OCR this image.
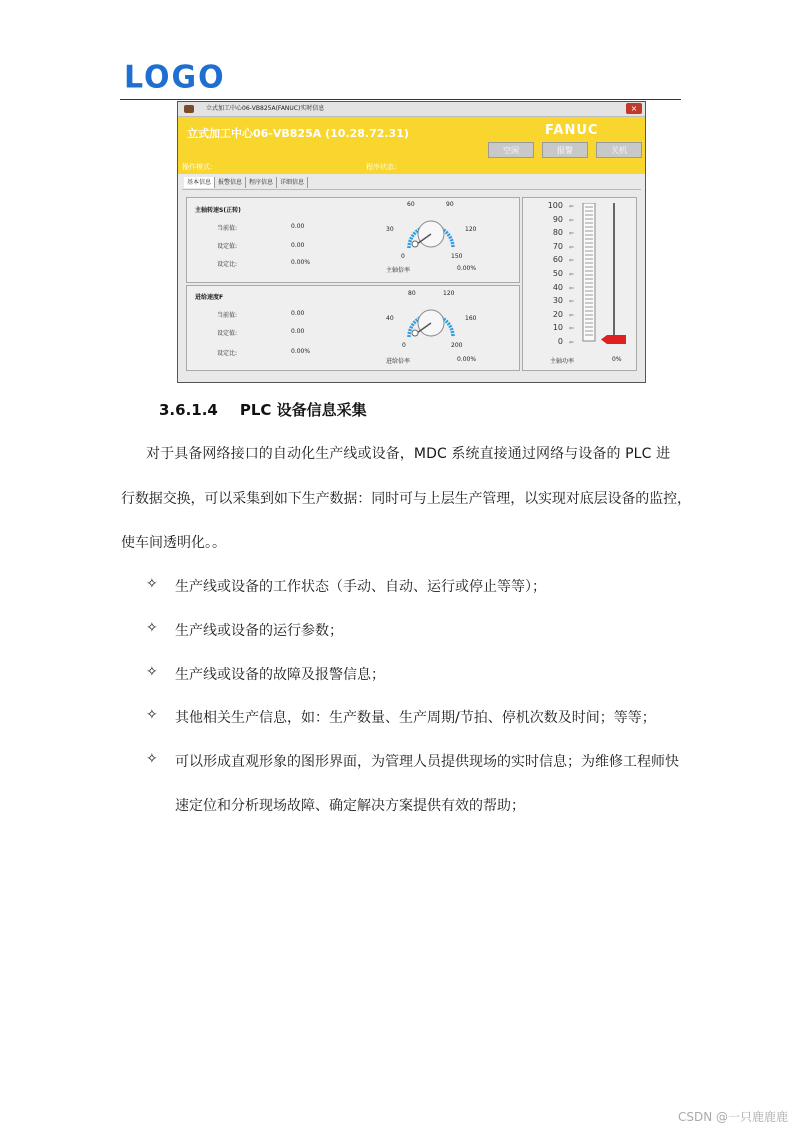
LOGO
立式加工中心06-VB825A(FANUC)实时信息	×
立式加工中心06-VB825A (10.28.72.31)	FANUC
空闲	报警	关机
操作模式：	程序状态：
基本信息 报警信息 程序信息 详细信息
主轴转速S(正转)
当前值:	0.00
设定值:	0.00
设定比:	0.00%
60	90
30	120
0	150
主轴倍率	0.00%
进给速度F
当前值:	0.00
设定值:	0.00
设定比:	0.00%
80	120
40	160
0	200
进给倍率	0.00%
100 ⇐
90 ⇐
80 ⇐
70 ⇐
60 ⇐
50 ⇐
40 ⇐
30 ⇐
20 ⇐
10 ⇐
0 ⇐
主轴功率	0%
3.6.1.4 PLC 设备信息采集
对于具备网络接口的自动化生产线或设备，MDC 系统直接通过网络与设备的 PLC 进
行数据交换，可以采集到如下生产数据：同时可与上层生产管理，以实现对底层设备的监控，
使车间透明化。。
✧ 生产线或设备的工作状态（手动、自动、运行或停止等等）；
✧ 生产线或设备的运行参数；
✧ 生产线或设备的故障及报警信息；
✧ 其他相关生产信息，如：生产数量、生产周期/节拍、停机次数及时间；等等；
✧ 可以形成直观形象的图形界面，为管理人员提供现场的实时信息；为维修工程师快
速定位和分析现场故障、确定解决方案提供有效的帮助；
CSDN @一只鹿鹿鹿
